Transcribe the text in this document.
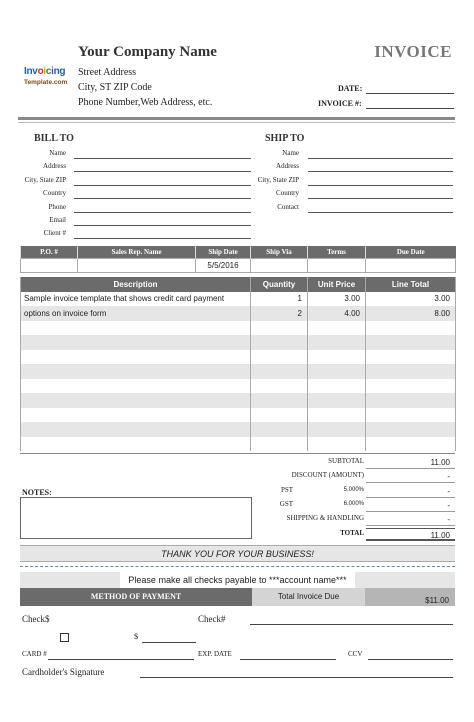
Your Company Name	INVOICE
Invoicing
Template.com
Street Address
City, ST ZIP Code
Phone Number,Web Address, etc.
DATE:
INVOICE #:
BILL TO	SHIP TO
Name
Address
City, State ZIP
Country
Phone
Email
Client #
Name
Address
City, State ZIP
Country
Contact
P.O. #	Sales Rep. Name	Ship Date	Ship Via	Terms	Due Date
		5/5/2016			
Description	Quantity	Unit Price	Line Total
Sample invoice template that shows credit card payment	1	3.00	3.00
options on invoice form	2	4.00	8.00

SUBTOTAL	11.00
DISCOUNT (AMOUNT)	-
PST	5.000%	-
GST	6.000%	-
SHIPPING & HANDLING	-
TOTAL	11.00
NOTES:
THANK YOU FOR YOUR BUSINESS!
Please make all checks payable to ***account name***
METHOD OF PAYMENT	Total Invoice Due	$11.00
Check$	Check#
$
CARD #	EXP. DATE	CCV
Cardholder's Signature
